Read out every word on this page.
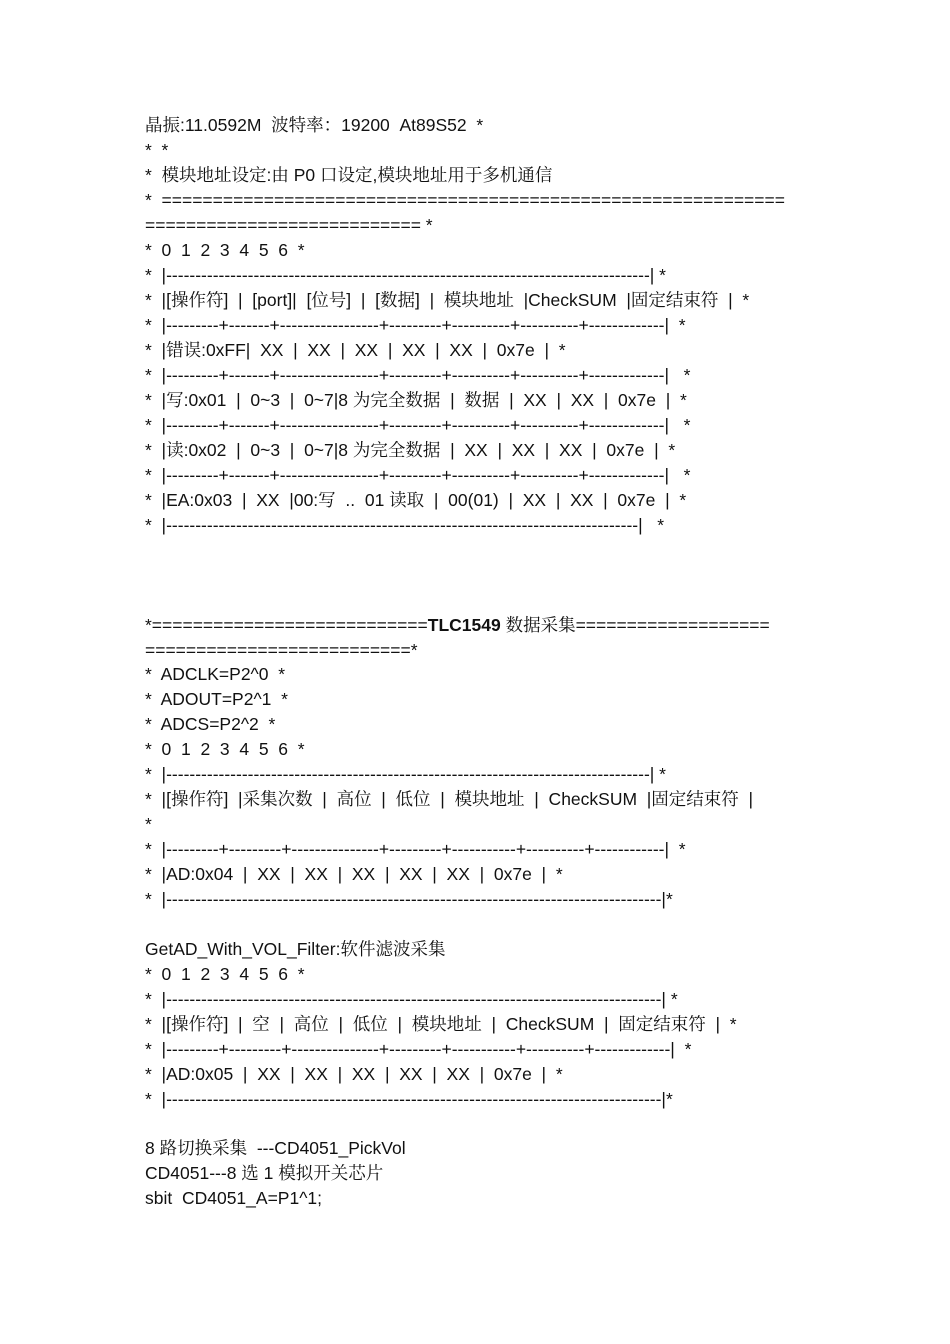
晶振:11.0592M  波特率：19200  At89S52  *
*  *
*  模块地址设定:由 P0 口设定,模块地址用于多机通信
*  =============================================================
=========================== *
*  0  1  2  3  4  5  6  *
*  |-----------------------------------------------------------------------------------| *
*  |[操作符]  |  [port]|  [位号]  |  [数据]  |  模块地址  |CheckSUM  |固定结束符  |  *
*  |---------+-------+-----------------+---------+----------+----------+-------------|  *
*  |错误:0xFF|  XX  |  XX  |  XX  |  XX  |  XX  |  0x7e  |  *
*  |---------+-------+-----------------+---------+----------+----------+-------------|   *
*  |写:0x01  |  0~3  |  0~7|8 为完全数据  |  数据  |  XX  |  XX  |  0x7e  |  *
*  |---------+-------+-----------------+---------+----------+----------+-------------|   *
*  |读:0x02  |  0~3  |  0~7|8 为完全数据  |  XX  |  XX  |  XX  |  0x7e  |  *
*  |---------+-------+-----------------+---------+----------+----------+-------------|   *
*  |EA:0x03  |  XX  |00:写  ..  01 读取  |  00(01)  |  XX  |  XX  |  0x7e  |  *
*  |---------------------------------------------------------------------------------|   *
*===========================TLC1549 数据采集===================
==========================*
*  ADCLK=P2^0  *
*  ADOUT=P2^1  *
*  ADCS=P2^2  *
*  0  1  2  3  4  5  6  *
*  |-----------------------------------------------------------------------------------| *
*  |[操作符]  |采集次数  |  高位  |  低位  |  模块地址  |  CheckSUM  |固定结束符  |
*
*  |---------+---------+---------------+---------+-----------+----------+------------|  *
*  |AD:0x04  |  XX  |  XX  |  XX  |  XX  |  XX  |  0x7e  |  *
*  |-------------------------------------------------------------------------------------|*
GetAD_With_VOL_Filter:软件滤波采集
*  0  1  2  3  4  5  6  *
*  |-------------------------------------------------------------------------------------| *
*  |[操作符]  |  空  |  高位  |  低位  |  模块地址  |  CheckSUM  |  固定结束符  |  *
*  |---------+---------+---------------+---------+-----------+----------+-------------|  *
*  |AD:0x05  |  XX  |  XX  |  XX  |  XX  |  XX  |  0x7e  |  *
*  |-------------------------------------------------------------------------------------|*
8 路切换采集  ---CD4051_PickVol
CD4051---8 选 1 模拟开关芯片
sbit  CD4051_A=P1^1;
